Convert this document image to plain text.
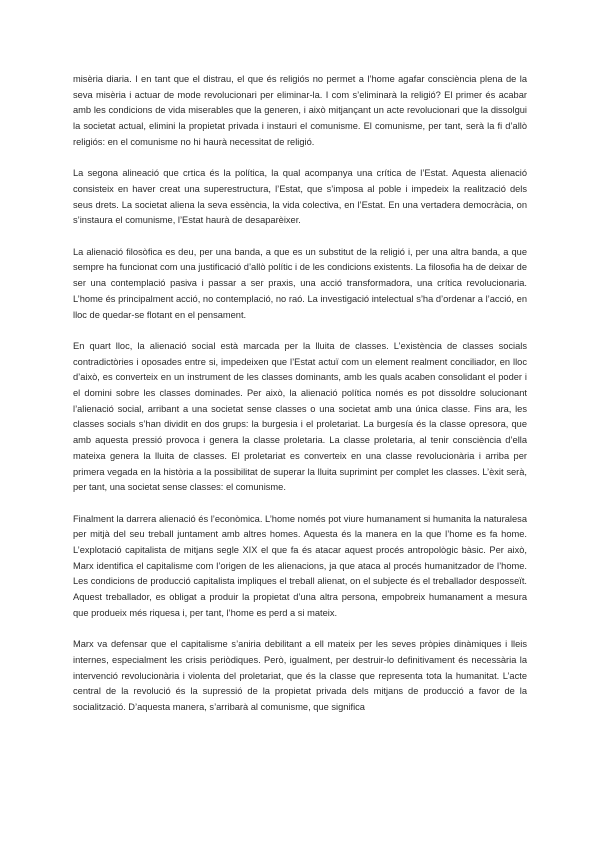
misèria diaria. I en tant que el distrau, el que és religiós no permet a l’home agafar consciència plena de la seva misèria i actuar de mode revolucionari per eliminar-la. I com s’eliminarà la religió? El primer és acabar amb les condicions de vida miserables que la generen, i això mitjançant un acte revolucionari que la dissolgui la societat actual, elimini la propietat privada i instauri el comunisme. El comunisme, per tant, serà la fi d’allò religiós: en el comunisme no hi haurà necessitat de religió.

La segona alineació que crtica és la política, la qual acompanya una crítica de l’Estat. Aquesta alienació consisteix en haver creat una superestructura, l’Estat, que s’imposa al poble i impedeix la realització dels seus drets. La societat aliena la seva essència, la vida colectiva, en l’Estat. En una vertadera democràcia, on s’instaura el comunisme, l’Estat haurà de desaparèixer.

La alienació filosòfica es deu, per una banda, a que es un substitut de la religió i, per una altra banda, a que sempre ha funcionat com una justificació d’allò polític i de les condicions existents. La filosofia ha de deixar de ser una contemplació pasiva i passar a ser praxis, una acció transformadora, una crítica revolucionaria. L’home és principalment acció, no contemplació, no raó. La investigació intelectual s’ha d’ordenar a l’acció, en lloc de quedar-se flotant en el pensament.

En quart lloc, la alienació social està marcada per la lluita de classes. L’existència de classes socials contradictòries i oposades entre si, impedeixen que l’Estat actuï com un element realment conciliador, en lloc d’això, es converteix en un instrument de les classes dominants, amb les quals acaben consolidant el poder i el domini sobre les classes dominades. Per això, la alienació política només es pot dissoldre solucionant l’alienació social, arribant a una societat sense classes o una societat amb una única classe. Fins ara, les classes socials s’han dividit en dos grups: la burgesia i el proletariat. La burgesía és la classe opresora, que amb aquesta pressió provoca i genera la classe proletaria. La classe proletaria, al tenir consciència d’ella mateixa genera la lluita de classes. El proletariat es converteix en una classe revolucionària i arriba per primera vegada en la història a la possibilitat de superar la lluita suprimint per complet les classes. L’èxit serà, per tant, una societat sense classes: el comunisme.

Finalment la darrera alienació és l’econòmica. L’home només pot viure humanament si humanita la naturalesa per mitjà del seu treball juntament amb altres homes. Aquesta és la manera en la que l’home es fa home. L’explotació capitalista de mitjans segle XIX el que fa és atacar aquest procés antropològic bàsic. Per això, Marx identifica el capitalisme com l’origen de les alienacions, ja que ataca al procés humanitzador de l’home. Les condicions de producció capitalista impliques el treball alienat, on el subjecte és el treballador desposseït. Aquest treballador, es obligat a produir la propietat d’una altra persona, empobreix humanament a mesura que produeix més riquesa i, per tant, l’home es perd a si mateix.

Marx va defensar que el capitalisme s’aniria debilitant a ell mateix per les seves pròpies dinàmiques i lleis internes, especialment les crisis periòdiques. Però, igualment, per destruir-lo definitivament és necessària la intervenció revolucionària i violenta del proletariat, que és la classe que representa tota la humanitat. L’acte central de la revolució és la supressió de la propietat privada dels mitjans de producció a favor de la socialització. D’aquesta manera, s’arribarà al comunisme, que significa
